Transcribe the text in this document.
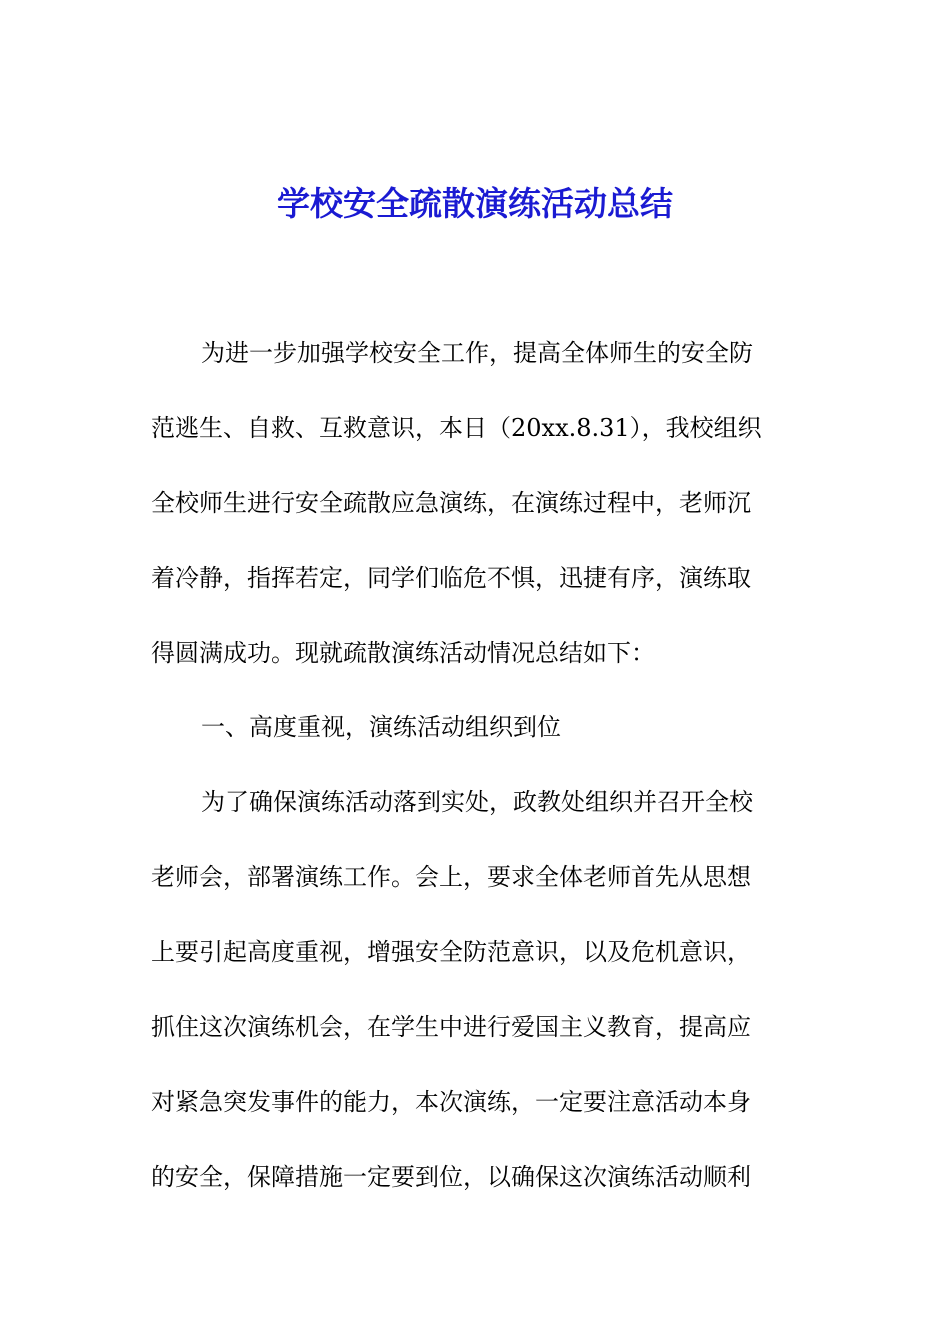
学校安全疏散演练活动总结
为进一步加强学校安全工作，提高全体师生的安全防
范逃生、自救、互救意识，本日（20xx.8.31），我校组织
全校师生进行安全疏散应急演练，在演练过程中，老师沉
着冷静，指挥若定，同学们临危不惧，迅捷有序，演练取
得圆满成功。现就疏散演练活动情况总结如下：
一、高度重视，演练活动组织到位
为了确保演练活动落到实处，政教处组织并召开全校
老师会，部署演练工作。会上，要求全体老师首先从思想
上要引起高度重视，增强安全防范意识，以及危机意识，
抓住这次演练机会，在学生中进行爱国主义教育，提高应
对紧急突发事件的能力，本次演练，一定要注意活动本身
的安全，保障措施一定要到位，以确保这次演练活动顺利
